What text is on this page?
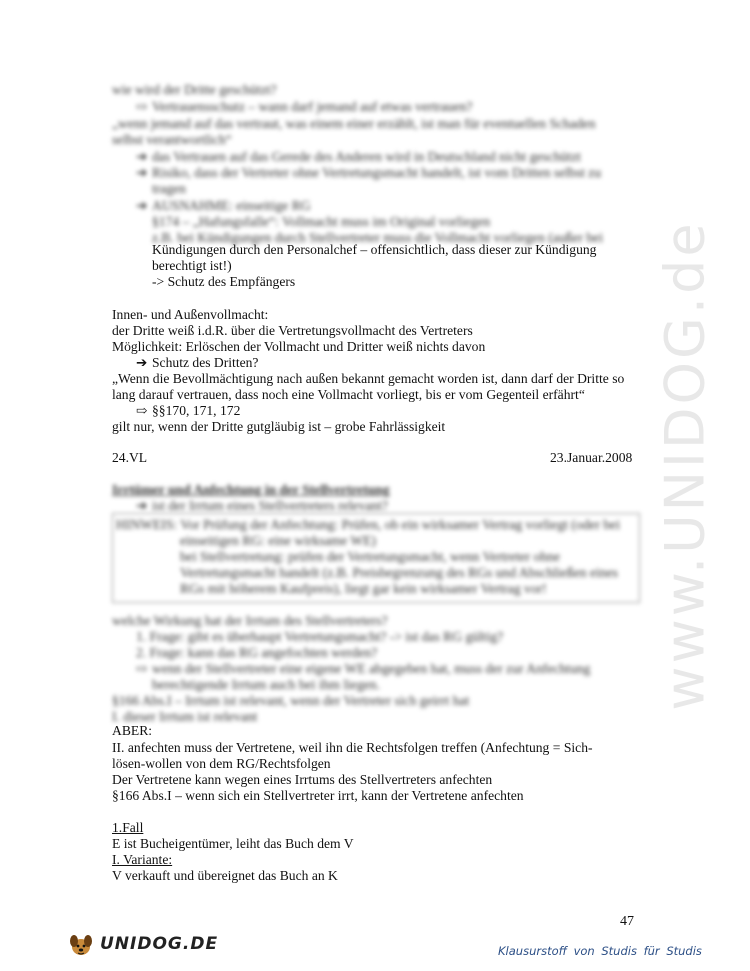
www.UNIDOG.de
wie wird der Dritte geschützt?
⇨ Vertrauensschutz – wann darf jemand auf etwas vertrauen?
„wenn jemand auf das vertraut, was einem einer erzählt, ist man für eventuellen Schaden
selbst verantwortlich“
➔ das Vertrauen auf das Gerede des Anderen wird in Deutschland nicht geschützt
➔ Risiko, dass der Vertreter ohne Vertretungsmacht handelt, ist vom Dritten selbst zu
tragen
➔ AUSNAHME: einseitige RG
§174 – „Hafungsfalle“: Vollmacht muss im Original vorliegen
z.B. bei Kündigungen durch Stellvertreter muss die Vollmacht vorliegen (außer bei
Kündigungen durch den Personalchef – offensichtlich, dass dieser zur Kündigung
berechtigt ist!)
-> Schutz des Empfängers
Innen- und Außenvollmacht:
der Dritte weiß i.d.R. über die Vertretungsvollmacht des Vertreters
Möglichkeit: Erlöschen der Vollmacht und Dritter weiß nichts davon
➔ Schutz des Dritten?
„Wenn die Bevollmächtigung nach außen bekannt gemacht worden ist, dann darf der Dritte so
lang darauf vertrauen, dass noch eine Vollmacht vorliegt, bis er vom Gegenteil erfährt“
⇨ §§170, 171, 172
gilt nur, wenn der Dritte gutgläubig ist – grobe Fahrlässigkeit
24.VL	23.Januar.2008
Irrtümer und Anfechtung in der Stellvertretung
➔ ist der Irrtum eines Stellvertreters relevant?
HINWEIS: Vor Prüfung der Anfechtung: Prüfen, ob ein wirksamer Vertrag vorliegt (oder bei
einseitigen RG: eine wirksame WE)
bei Stellvertretung: prüfen der Vertretungsmacht, wenn Vertreter ohne
Vertretungsmacht handelt (z.B. Preisbegrenzung des RGs und Abschließen eines
RGs mit höherem Kaufpreis), liegt gar kein wirksamer Vertrag vor!
welche Wirkung hat der Irrtum des Stellvertreters?
1. Frage: gibt es überhaupt Vertretungsmacht? -> ist das RG gültig?
2. Frage: kann das RG angefochten werden?
⇨ wenn der Stellvertreter eine eigene WE abgegeben hat, muss der zur Anfechtung
berechtigende Irrtum auch bei ihm liegen.
§166 Abs.I – Irrtum ist relevant, wenn der Vertreter sich geirrt hat
I. dieser Irrtum ist relevant
ABER:
II. anfechten muss der Vertretene, weil ihn die Rechtsfolgen treffen (Anfechtung = Sich-
lösen-wollen von dem RG/Rechtsfolgen
Der Vertretene kann wegen eines Irrtums des Stellvertreters anfechten
§166 Abs.I – wenn sich ein Stellvertreter irrt, kann der Vertretene anfechten
1.Fall
E ist Bucheigentümer, leiht das Buch dem V
I. Variante:
V verkauft und übereignet das Buch an K
47
UNIDOG.DE	Klausurstoff von Studis für Studis
